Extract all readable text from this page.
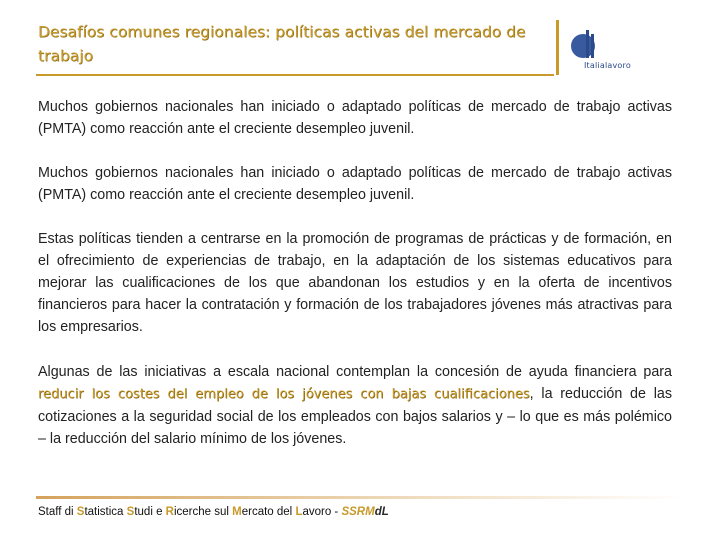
Desafíos comunes regionales: políticas activas del mercado de trabajo
Italialavoro
Muchos gobiernos nacionales han iniciado o adaptado políticas de mercado de trabajo activas (PMTA) como reacción ante el creciente desempleo juvenil.
Muchos gobiernos nacionales han iniciado o adaptado políticas de mercado de trabajo activas (PMTA) como reacción ante el creciente desempleo juvenil.
Estas políticas tienden a centrarse en la promoción de programas de prácticas y de formación, en el ofrecimiento de experiencias de trabajo, en la adaptación de los sistemas educativos para mejorar las cualificaciones de los que abandonan los estudios y en la oferta de incentivos financieros para hacer la contratación y formación de los trabajadores jóvenes más atractivas para los empresarios.
Algunas de las iniciativas a escala nacional contemplan la concesión de ayuda financiera para reducir los costes del empleo de los jóvenes con bajas cualificaciones, la reducción de las cotizaciones a la seguridad social de los empleados con bajos salarios y – lo que es más polémico – la reducción del salario mínimo de los jóvenes.
Staff di Statistica Studi e Ricerche sul Mercato del Lavoro - SSRMdL
